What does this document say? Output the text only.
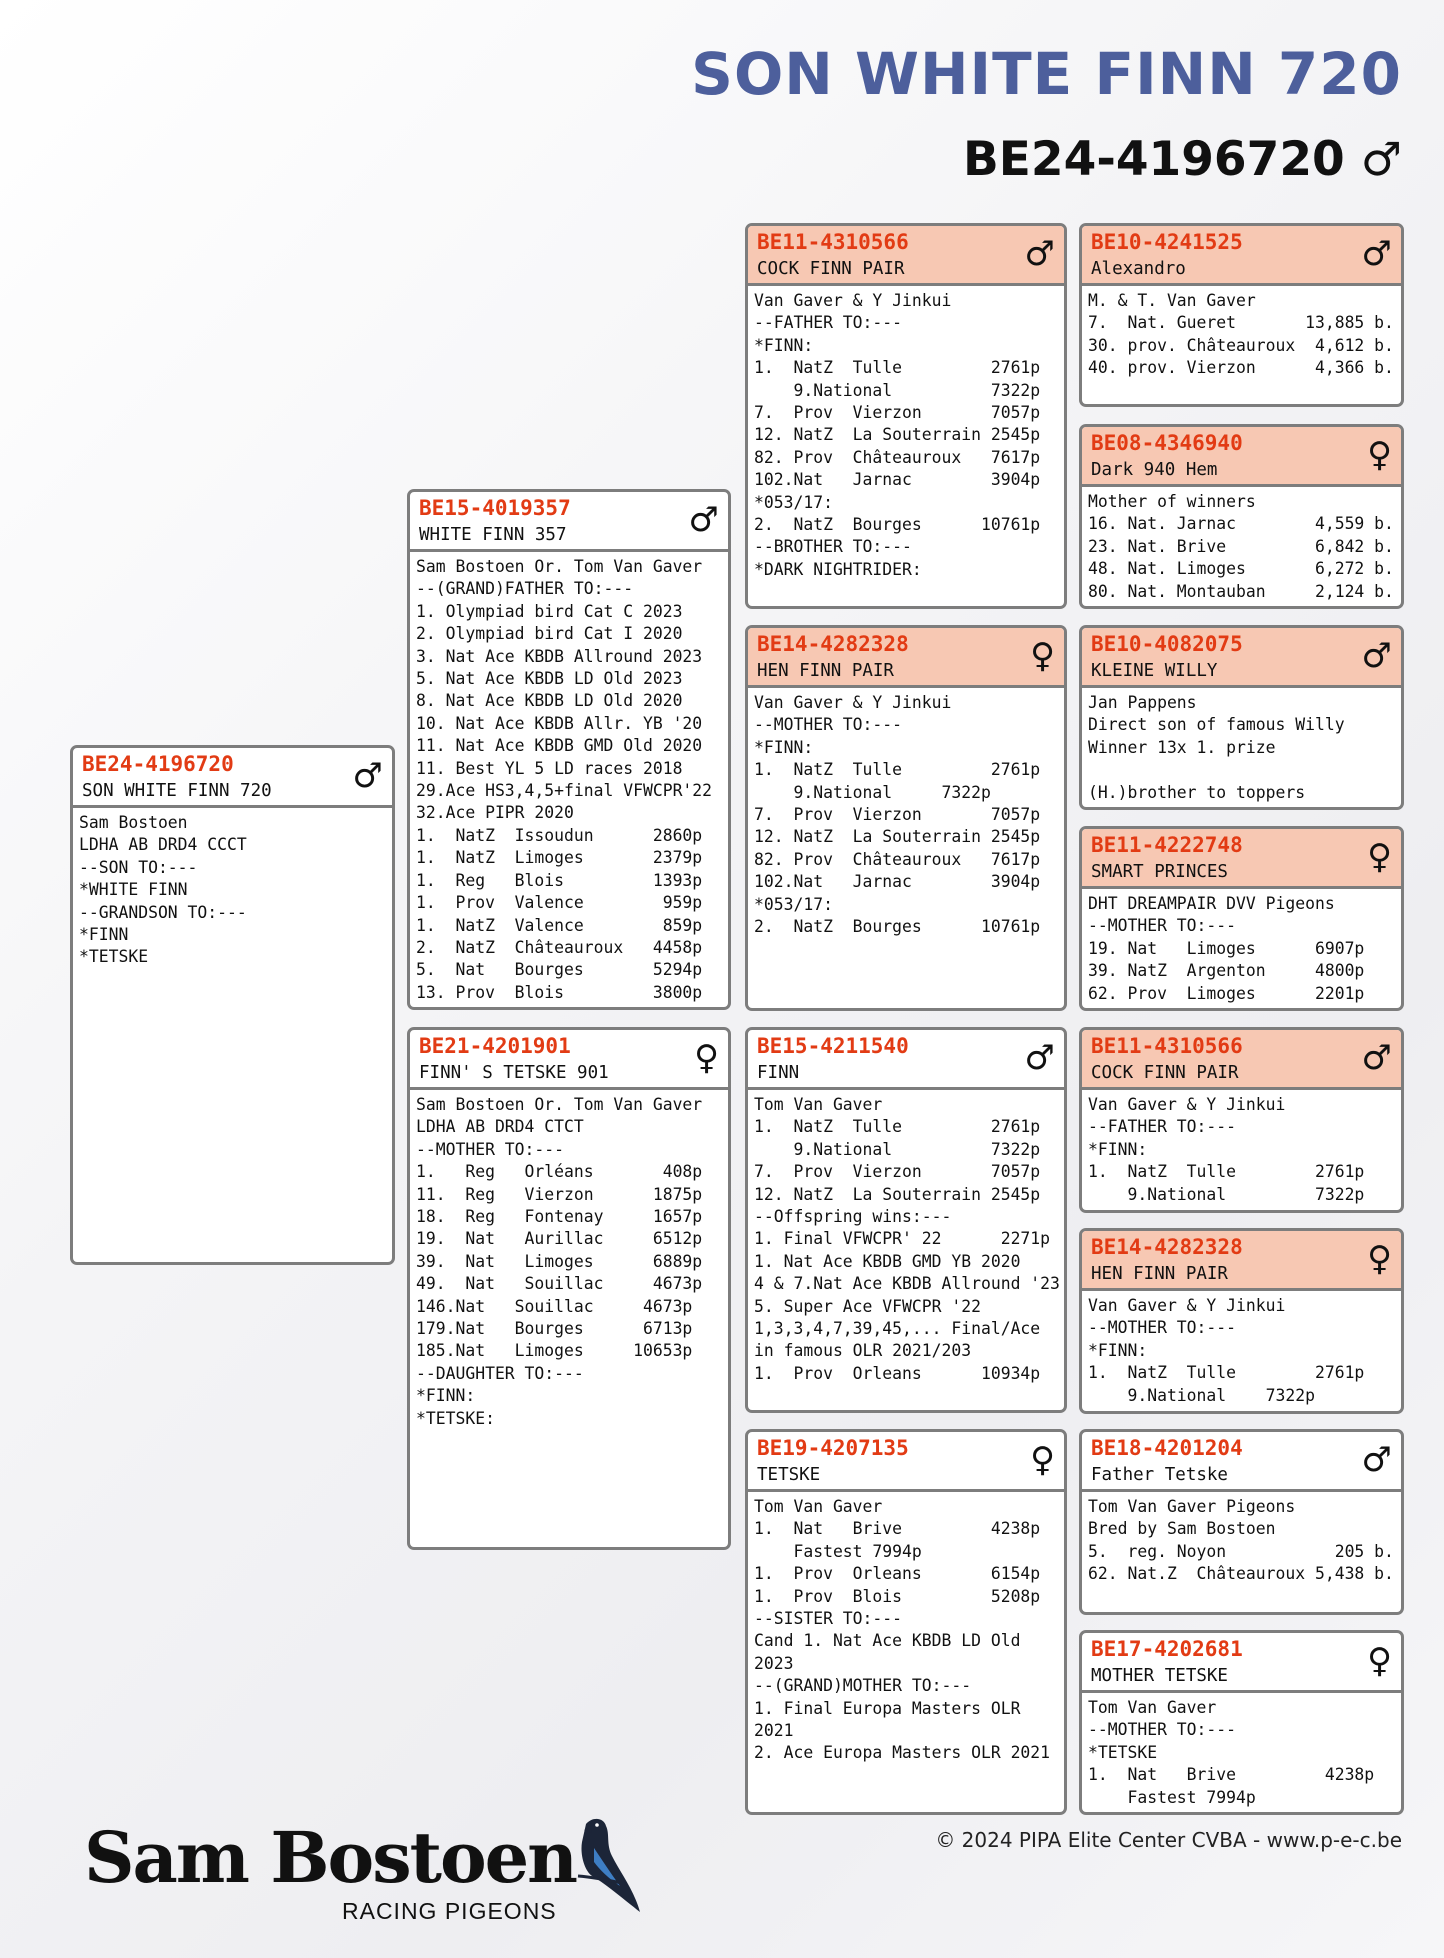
SON WHITE FINN 720
BE24-4196720 ♂
BE24-4196720
SON WHITE FINN 720	♂
Sam Bostoen
LDHA AB DRD4 CCCT
--SON TO:---
*WHITE FINN
--GRANDSON TO:---
*FINN
*TETSKE
BE15-4019357
WHITE FINN 357	♂
Sam Bostoen Or. Tom Van Gaver
--(GRAND)FATHER TO:---
1. Olympiad bird Cat C 2023
2. Olympiad bird Cat I 2020
3. Nat Ace KBDB Allround 2023
5. Nat Ace KBDB LD Old 2023
8. Nat Ace KBDB LD Old 2020
10. Nat Ace KBDB Allr. YB '20
11. Nat Ace KBDB GMD Old 2020
11. Best YL 5 LD races 2018
29.Ace HS3,4,5+final VFWCPR'22
32.Ace PIPR 2020
1.  NatZ  Issoudun      2860p
1.  NatZ  Limoges       2379p
1.  Reg   Blois         1393p
1.  Prov  Valence        959p
1.  NatZ  Valence        859p
2.  NatZ  Châteauroux   4458p
5.  Nat   Bourges       5294p
13. Prov  Blois         3800p
BE21-4201901
FINN' S TETSKE 901	♀
Sam Bostoen Or. Tom Van Gaver
LDHA AB DRD4 CTCT
--MOTHER TO:---
1.   Reg   Orléans       408p
11.  Reg   Vierzon      1875p
18.  Reg   Fontenay     1657p
19.  Nat   Aurillac     6512p
39.  Nat   Limoges      6889p
49.  Nat   Souillac     4673p
146.Nat   Souillac     4673p
179.Nat   Bourges      6713p
185.Nat   Limoges     10653p
--DAUGHTER TO:---
*FINN:
*TETSKE:
BE11-4310566
COCK FINN PAIR	♂
Van Gaver & Y Jinkui
--FATHER TO:---
*FINN:
1.  NatZ  Tulle         2761p
9.National          7322p
7.  Prov  Vierzon       7057p
12. NatZ  La Souterrain 2545p
82. Prov  Châteauroux   7617p
102.Nat   Jarnac        3904p
*053/17:
2.  NatZ  Bourges      10761p
--BROTHER TO:---
*DARK NIGHTRIDER:
BE14-4282328
HEN FINN PAIR	♀
Van Gaver & Y Jinkui
--MOTHER TO:---
*FINN:
1.  NatZ  Tulle         2761p
9.National     7322p
7.  Prov  Vierzon       7057p
12. NatZ  La Souterrain 2545p
82. Prov  Châteauroux   7617p
102.Nat   Jarnac        3904p
*053/17:
2.  NatZ  Bourges      10761p
BE15-4211540
FINN	♂
Tom Van Gaver
1.  NatZ  Tulle         2761p
9.National          7322p
7.  Prov  Vierzon       7057p
12. NatZ  La Souterrain 2545p
--Offspring wins:---
1. Final VFWCPR' 22      2271p
1. Nat Ace KBDB GMD YB 2020
4 & 7.Nat Ace KBDB Allround '23
5. Super Ace VFWCPR '22
1,3,3,4,7,39,45,... Final/Ace
in famous OLR 2021/203
1.  Prov  Orleans      10934p
BE19-4207135
TETSKE	♀
Tom Van Gaver
1.  Nat   Brive         4238p
Fastest 7994p
1.  Prov  Orleans       6154p
1.  Prov  Blois         5208p
--SISTER TO:---
Cand 1. Nat Ace KBDB LD Old
2023
--(GRAND)MOTHER TO:---
1. Final Europa Masters OLR
2021
2. Ace Europa Masters OLR 2021
BE10-4241525
Alexandro	♂
M. & T. Van Gaver
7.  Nat. Gueret       13,885 b.
30. prov. Châteauroux  4,612 b.
40. prov. Vierzon      4,366 b.
BE08-4346940
Dark 940 Hem	♀
Mother of winners
16. Nat. Jarnac        4,559 b.
23. Nat. Brive         6,842 b.
48. Nat. Limoges       6,272 b.
80. Nat. Montauban     2,124 b.
BE10-4082075
KLEINE WILLY	♂
Jan Pappens
Direct son of famous Willy
Winner 13x 1. prize

(H.)brother to toppers
BE11-4222748
SMART PRINCES	♀
DHT DREAMPAIR DVV Pigeons
--MOTHER TO:---
19. Nat   Limoges      6907p
39. NatZ  Argenton     4800p
62. Prov  Limoges      2201p
BE11-4310566
COCK FINN PAIR	♂
Van Gaver & Y Jinkui
--FATHER TO:---
*FINN:
1.  NatZ  Tulle        2761p
9.National         7322p
BE14-4282328
HEN FINN PAIR	♀
Van Gaver & Y Jinkui
--MOTHER TO:---
*FINN:
1.  NatZ  Tulle        2761p
9.National    7322p
BE18-4201204
Father Tetske	♂
Tom Van Gaver Pigeons
Bred by Sam Bostoen
5.  reg. Noyon           205 b.
62. Nat.Z  Châteauroux 5,438 b.
BE17-4202681
MOTHER TETSKE	♀
Tom Van Gaver
--MOTHER TO:---
*TETSKE
1.  Nat   Brive         4238p
Fastest 7994p
© 2024 PIPA Elite Center CVBA - www.p-e-c.be
Sam Bostoen
RACING PIGEONS
